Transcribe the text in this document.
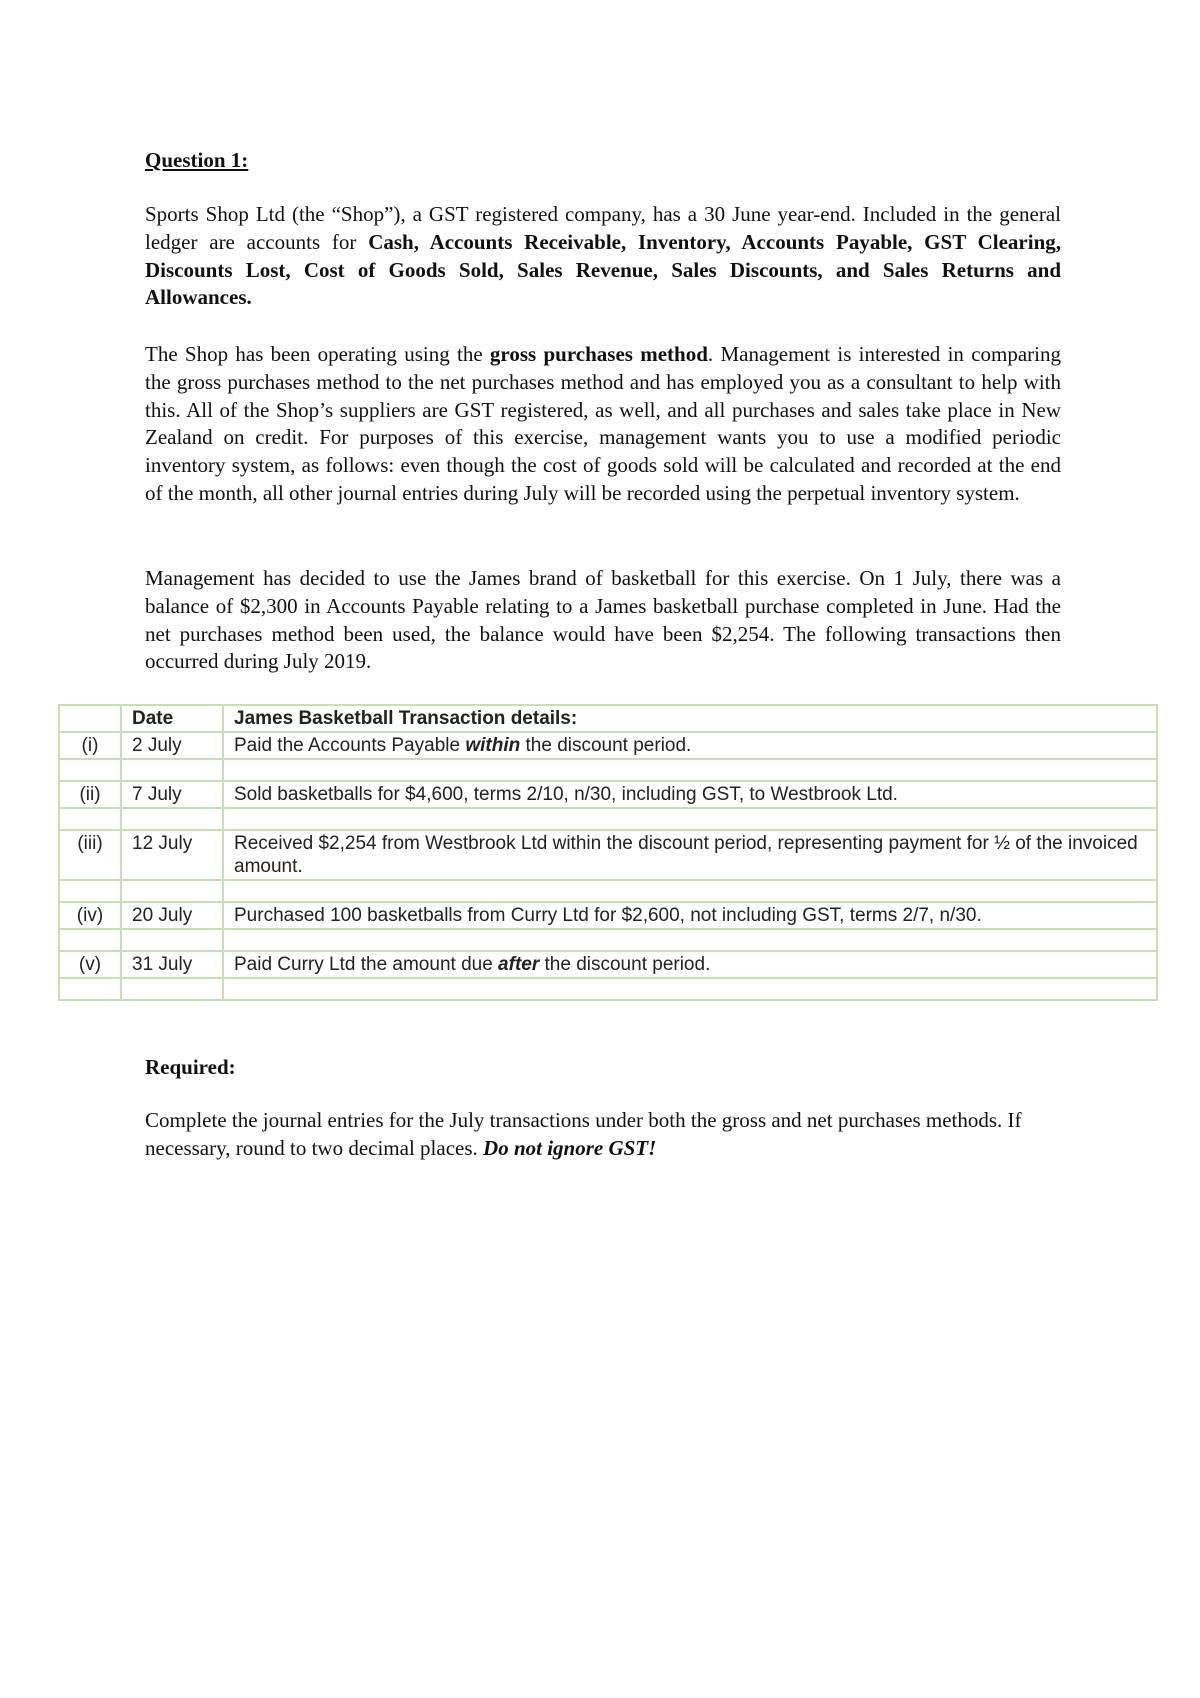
Question 1:

Sports Shop Ltd (the “Shop”), a GST registered company, has a 30 June year-end. Included in the general ledger are accounts for Cash, Accounts Receivable, Inventory, Accounts Payable, GST Clearing, Discounts Lost, Cost of Goods Sold, Sales Revenue, Sales Discounts, and Sales Returns and Allowances.

The Shop has been operating using the gross purchases method. Management is interested in comparing the gross purchases method to the net purchases method and has employed you as a consultant to help with this. All of the Shop’s suppliers are GST registered, as well, and all purchases and sales take place in New Zealand on credit. For purposes of this exercise, management wants you to use a modified periodic inventory system, as follows: even though the cost of goods sold will be calculated and recorded at the end of the month, all other journal entries during July will be recorded using the perpetual inventory system.

Management has decided to use the James brand of basketball for this exercise. On 1 July, there was a balance of $2,300 in Accounts Payable relating to a James basketball purchase completed in June. Had the net purchases method been used, the balance would have been $2,254. The following transactions then occurred during July 2019.

	Date	James Basketball Transaction details:
(i)	2 July	Paid the Accounts Payable within the discount period.

(ii)	7 July	Sold basketballs for $4,600, terms 2/10, n/30, including GST, to Westbrook Ltd.

(iii)	12 July	Received $2,254 from Westbrook Ltd within the discount period, representing payment for ½ of the invoiced amount.

(iv)	20 July	Purchased 100 basketballs from Curry Ltd for $2,600, not including GST, terms 2/7, n/30.

(v)	31 July	Paid Curry Ltd the amount due after the discount period.

Required:

Complete the journal entries for the July transactions under both the gross and net purchases methods. If necessary, round to two decimal places. Do not ignore GST!
